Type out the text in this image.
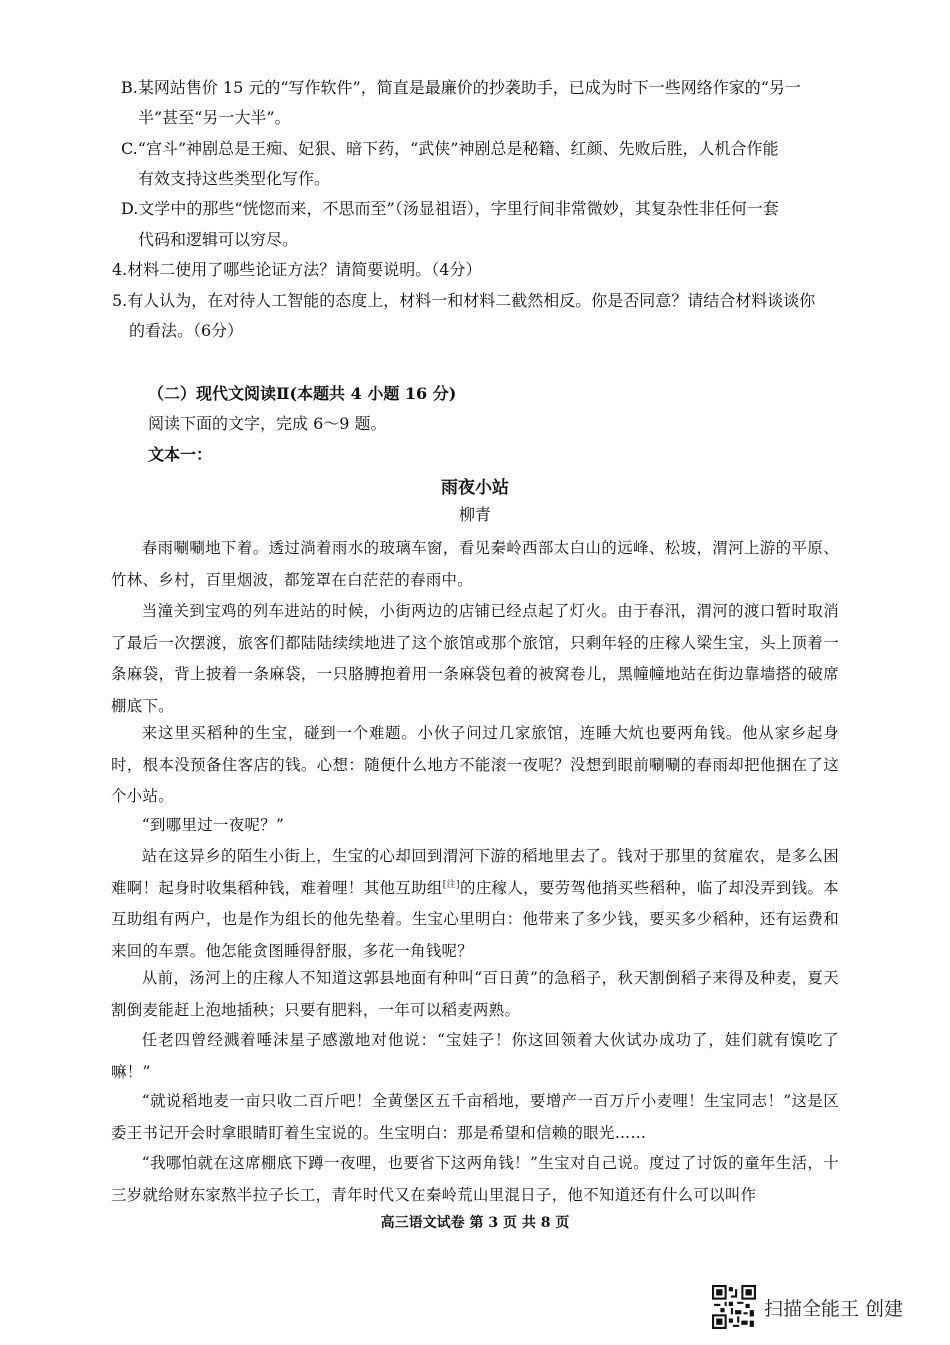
B.某网站售价 15 元的“写作软件”，简直是最廉价的抄袭助手，已成为时下一些网络作家的“另一
半”甚至“另一大半”。
C.“宫斗”神剧总是王痴、妃狠、暗下药，“武侠”神剧总是秘籍、红颜、先败后胜，人机合作能
有效支持这些类型化写作。
D.文学中的那些“恍惚而来，不思而至”（汤显祖语），字里行间非常微妙，其复杂性非任何一套
代码和逻辑可以穷尽。
4.材料二使用了哪些论证方法？请简要说明。（4分）
5.有人认为，在对待人工智能的态度上，材料一和材料二截然相反。你是否同意？请结合材料谈谈你
的看法。（6分）
（二）现代文阅读Ⅱ(本题共 4 小题 16 分)
阅读下面的文字，完成 6～9 题。
文本一：
雨夜小站
柳青
春雨唰唰地下着。透过淌着雨水的玻璃车窗，看见秦岭西部太白山的远峰、松坡，渭河上游的平原、竹林、乡村，百里烟波，都笼罩在白茫茫的春雨中。
当潼关到宝鸡的列车进站的时候，小街两边的店铺已经点起了灯火。由于春汛，渭河的渡口暂时取消了最后一次摆渡，旅客们都陆陆续续地进了这个旅馆或那个旅馆，只剩年轻的庄稼人梁生宝，头上顶着一条麻袋，背上披着一条麻袋，一只胳膊抱着用一条麻袋包着的被窝卷儿，黑幢幢地站在街边靠墙搭的破席棚底下。
来这里买稻种的生宝，碰到一个难题。小伙子问过几家旅馆，连睡大炕也要两角钱。他从家乡起身时，根本没预备住客店的钱。心想：随便什么地方不能滚一夜呢？没想到眼前唰唰的春雨却把他捆在了这个小站。
“到哪里过一夜呢？”
站在这异乡的陌生小街上，生宝的心却回到渭河下游的稻地里去了。钱对于那里的贫雇农，是多么困难啊！起身时收集稻种钱，难着哩！其他互助组[注]的庄稼人，要劳驾他捎买些稻种，临了却没弄到钱。本互助组有两户，也是作为组长的他先垫着。生宝心里明白：他带来了多少钱，要买多少稻种，还有运费和来回的车票。他怎能贪图睡得舒服，多花一角钱呢？
从前，汤河上的庄稼人不知道这郭县地面有种叫“百日黄”的急稻子，秋天割倒稻子来得及种麦，夏天割倒麦能赶上泡地插秧；只要有肥料，一年可以稻麦两熟。
任老四曾经溅着唾沫星子感激地对他说：“宝娃子！你这回领着大伙试办成功了，娃们就有馍吃了嘛！”
“就说稻地麦一亩只收二百斤吧！全黄堡区五千亩稻地，要增产一百万斤小麦哩！生宝同志！”这是区委王书记开会时拿眼睛盯着生宝说的。生宝明白：那是希望和信赖的眼光……
“我哪怕就在这席棚底下蹲一夜哩，也要省下这两角钱！”生宝对自己说。度过了讨饭的童年生活，十三岁就给财东家熬半拉子长工，青年时代又在秦岭荒山里混日子，他不知道还有什么可以叫作
高三语文试卷 第 3 页 共 8 页
扫描全能王 创建
